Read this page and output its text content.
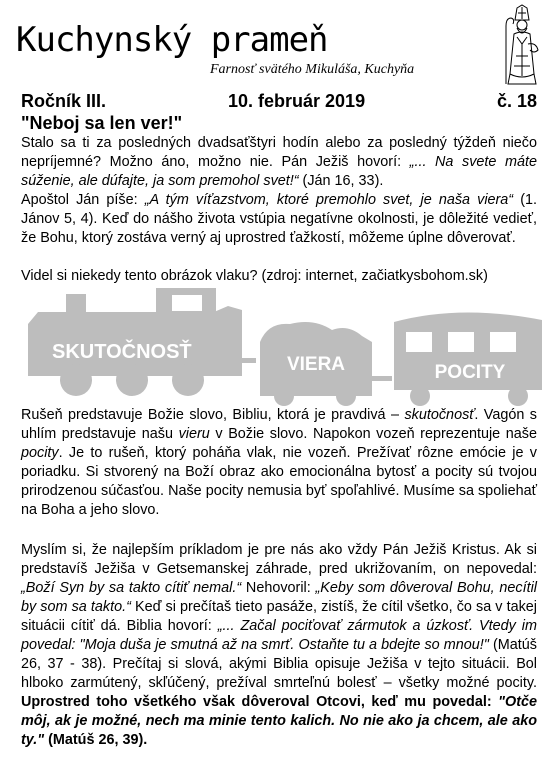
Kuchynský prameň

Farnosť svätého Mikuláša, Kuchyňa

Ročník III.	10. február 2019	č. 18
"Neboj sa len ver!"

Stalo sa ti za posledných dvadsaťštyri hodín alebo za posledný týždeň niečo nepríjemné? Možno áno, možno nie. Pán Ježiš hovorí: „... Na svete máte súženie, ale dúfajte, ja som premohol svet!“ (Ján 16, 33).

Apoštol Ján píše: „A tým víťazstvom, ktoré premohlo svet, je naša viera“ (1. Jánov 5, 4). Keď do nášho života vstúpia negatívne okolnosti, je dôležité vedieť, že Bohu, ktorý zostáva verný aj uprostred ťažkostí, môžeme úplne dôverovať.

Videl si niekedy tento obrázok vlaku? (zdroj: internet, začiatkysbohom.sk)

SKUTOČNOSŤ
VIERA	POCITY

Rušeň predstavuje Božie slovo, Bibliu, ktorá je pravdivá – skutočnosť. Vagón s uhlím predstavuje našu vieru v Božie slovo. Napokon vozeň reprezentuje naše pocity. Je to rušeň, ktorý poháňa vlak, nie vozeň. Prežívať rôzne emócie je v poriadku. Si stvorený na Boží obraz ako emocionálna bytosť a pocity sú tvojou prirodzenou súčasťou. Naše pocity nemusia byť spoľahlivé. Musíme sa spoliehať na Boha a jeho slovo.

Myslím si, že najlepším príkladom je pre nás ako vždy Pán Ježiš Kristus. Ak si predstavíš Ježiša v Getsemanskej záhrade, pred ukrižovaním, on nepovedal: „Boží Syn by sa takto cítiť nemal.“ Nehovoril: „Keby som dôveroval Bohu, necítil by som sa takto.“ Keď si prečítaš tieto pasáže, zistíš, že cítil všetko, čo sa v takej situácii cítiť dá. Biblia hovorí: „... Začal pociťovať zármutok a úzkosť. Vtedy im povedal: "Moja duša je smutná až na smrť. Ostaňte tu a bdejte so mnou!" (Matúš 26, 37 - 38). Prečítaj si slová, akými Biblia opisuje Ježiša v tejto situácii. Bol hlboko zarmútený, skľúčený, prežíval smrteľnú bolesť – všetky možné pocity. Uprostred toho všetkého však dôveroval Otcovi, keď mu povedal: "Otče môj, ak je možné, nech ma minie tento kalich. No nie ako ja chcem, ale ako ty." (Matúš 26, 39).
